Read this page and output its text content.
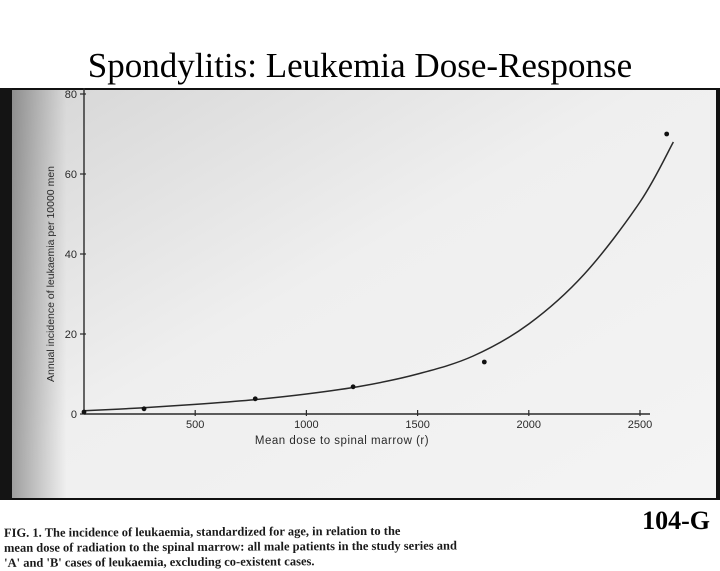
Spondylitis: Leukemia Dose-Response
500	1000	1500	2000	2500
0
20
40
60
80
Mean dose to spinal marrow (r)
Annual incidence of leukaemia per 10000 men
FIG. 1. The incidence of leukaemia, standardized for age, in relation to the
mean dose of radiation to the spinal marrow: all male patients in the study series and
'A' and 'B' cases of leukaemia, excluding co-existent cases.
104-G
